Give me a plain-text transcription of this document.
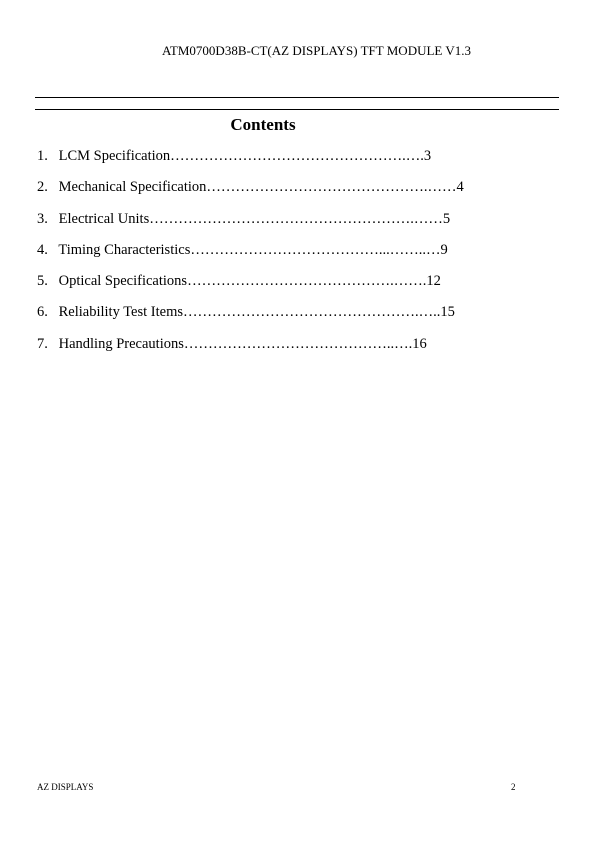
ATM0700D38B-CT(AZ DISPLAYS) TFT MODULE V1.3
Contents
1. LCM Specification………………………………………….….3
2. Mechanical Specification……………………………………….……4
3. Electrical Units……………………………………………….……5
4. Timing Characteristics…………………………………...……..…9
5. Optical Specifications…………………………………….…….12
6. Reliability Test Items………………………………………….…..15
7. Handling Precautions……………………………………..….16
AZ DISPLAYS	2
